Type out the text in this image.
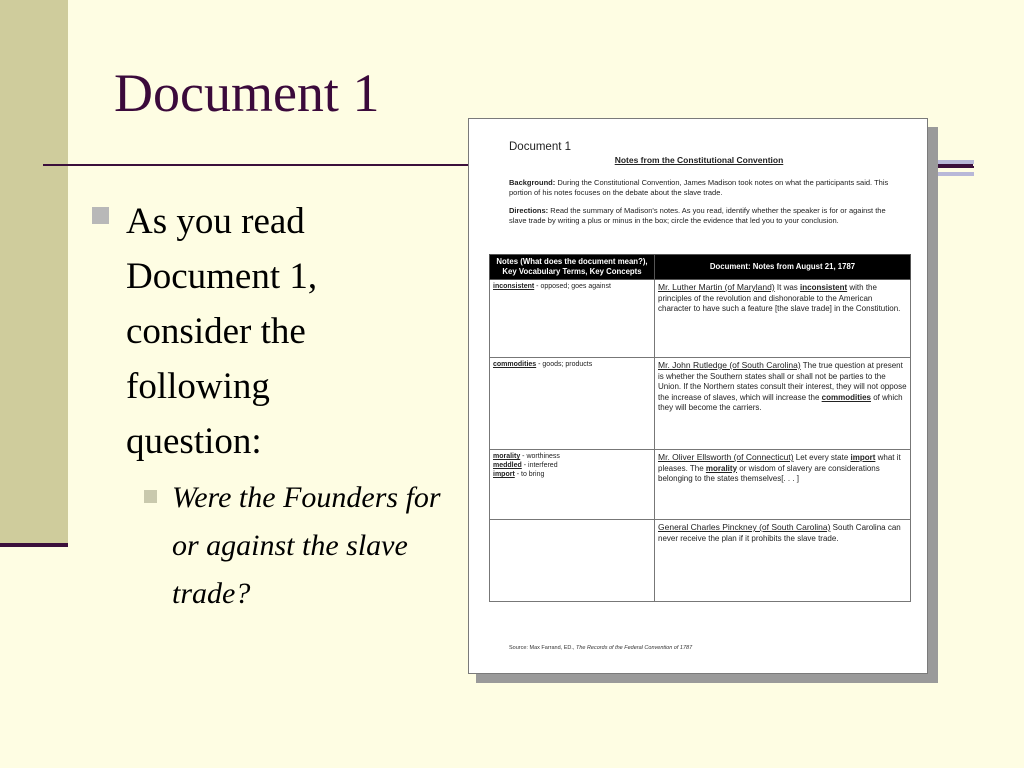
Document 1
As you read Document 1, consider the following question:
Were the Founders for or against the slave trade?
Document 1
Notes from the Constitutional Convention
Background: During the Constitutional Convention, James Madison took notes on what the participants said. This portion of his notes focuses on the debate about the slave trade.
Directions: Read the summary of Madison's notes. As you read, identify whether the speaker is for or against the slave trade by writing a plus or minus in the box; circle the evidence that led you to your conclusion.
Notes (What does the document mean?), Key Vocabulary Terms, Key Concepts	Document: Notes from August 21, 1787

inconsistent - opposed; goes against	Mr. Luther Martin (of Maryland) It was inconsistent with the principles of the revolution and dishonorable to the American character to have such a feature [the slave trade] in the Constitution.

commodities - goods; products	Mr. John Rutledge (of South Carolina) The true question at present is whether the Southern states shall or shall not be parties to the Union. If the Northern states consult their interest, they will not oppose the increase of slaves, which will increase the commodities of which they will become the carriers.

morality - worthiness
meddled - interfered
import - to bring	Mr. Oliver Ellsworth (of Connecticut) Let every state import what it pleases. The morality or wisdom of slavery are considerations belonging to the states themselves[. . . ]
	General Charles Pinckney (of South Carolina) South Carolina can never receive the plan if it prohibits the slave trade.
Source: Max Farrand, ED., The Records of the Federal Convention of 1787
